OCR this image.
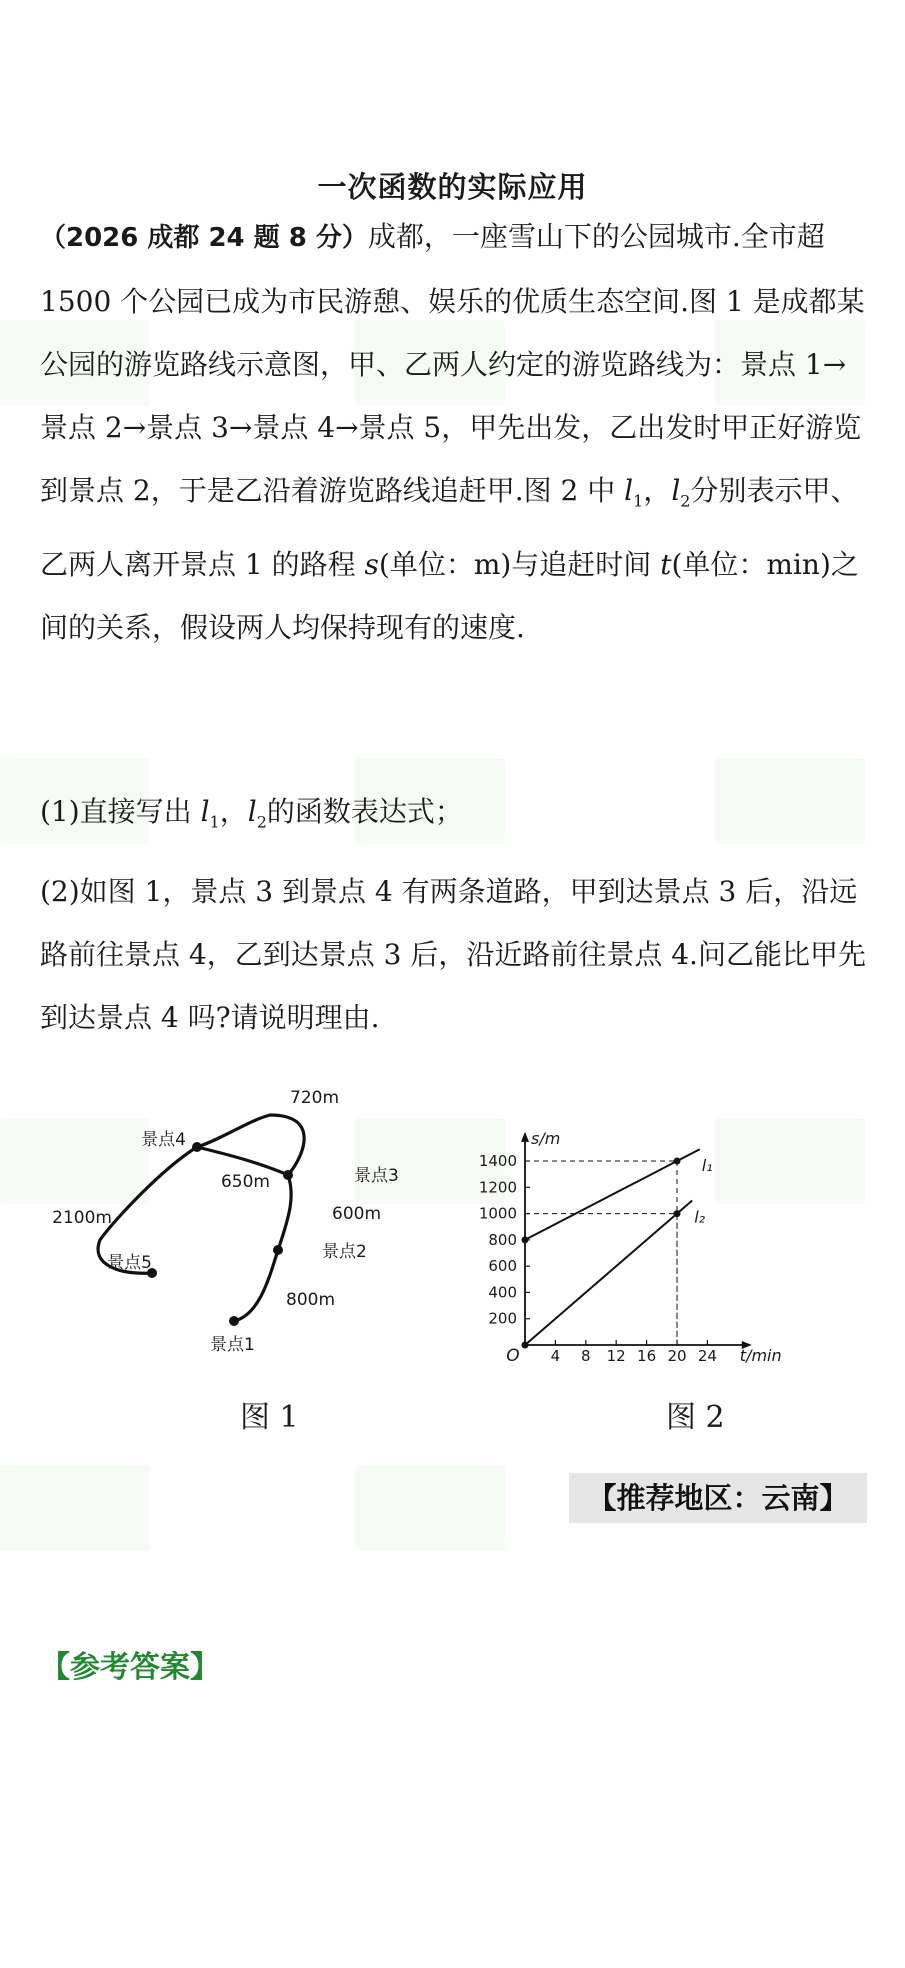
一次函数的实际应用

（2026 成都 24 题 8 分）成都，一座雪山下的公园城市.全市超 1500 个公园已成为市民游憩、娱乐的优质生态空间.图 1 是成都某公园的游览路线示意图，甲、乙两人约定的游览路线为：景点 1→景点 2→景点 3→景点 4→景点 5，甲先出发，乙出发时甲正好游览到景点 2，于是乙沿着游览路线追赶甲.图 2 中 $l_1$，$l_2$分别表示甲、乙两人离开景点 1 的路程 s(单位：m)与追赶时间 t(单位：min)之间的关系，假设两人均保持现有的速度.

(1)直接写出 $l_1$，$l_2$的函数表达式；

(2)如图 1，景点 3 到景点 4 有两条道路，甲到达景点 3 后，沿远路前往景点 4，乙到达景点 3 后，沿近路前往景点 4.问乙能比甲先到达景点 4 吗?请说明理由.

景点1
景点2
景点3
景点4
景点5
800m
600m
650m
720m
2100m
O
s/m
t/min
4 8 12 16 20 24
200
400
600
800
1000
1200
1400	l₁
l₂
图 1	图 2
【推荐地区：云南】
【参考答案】
